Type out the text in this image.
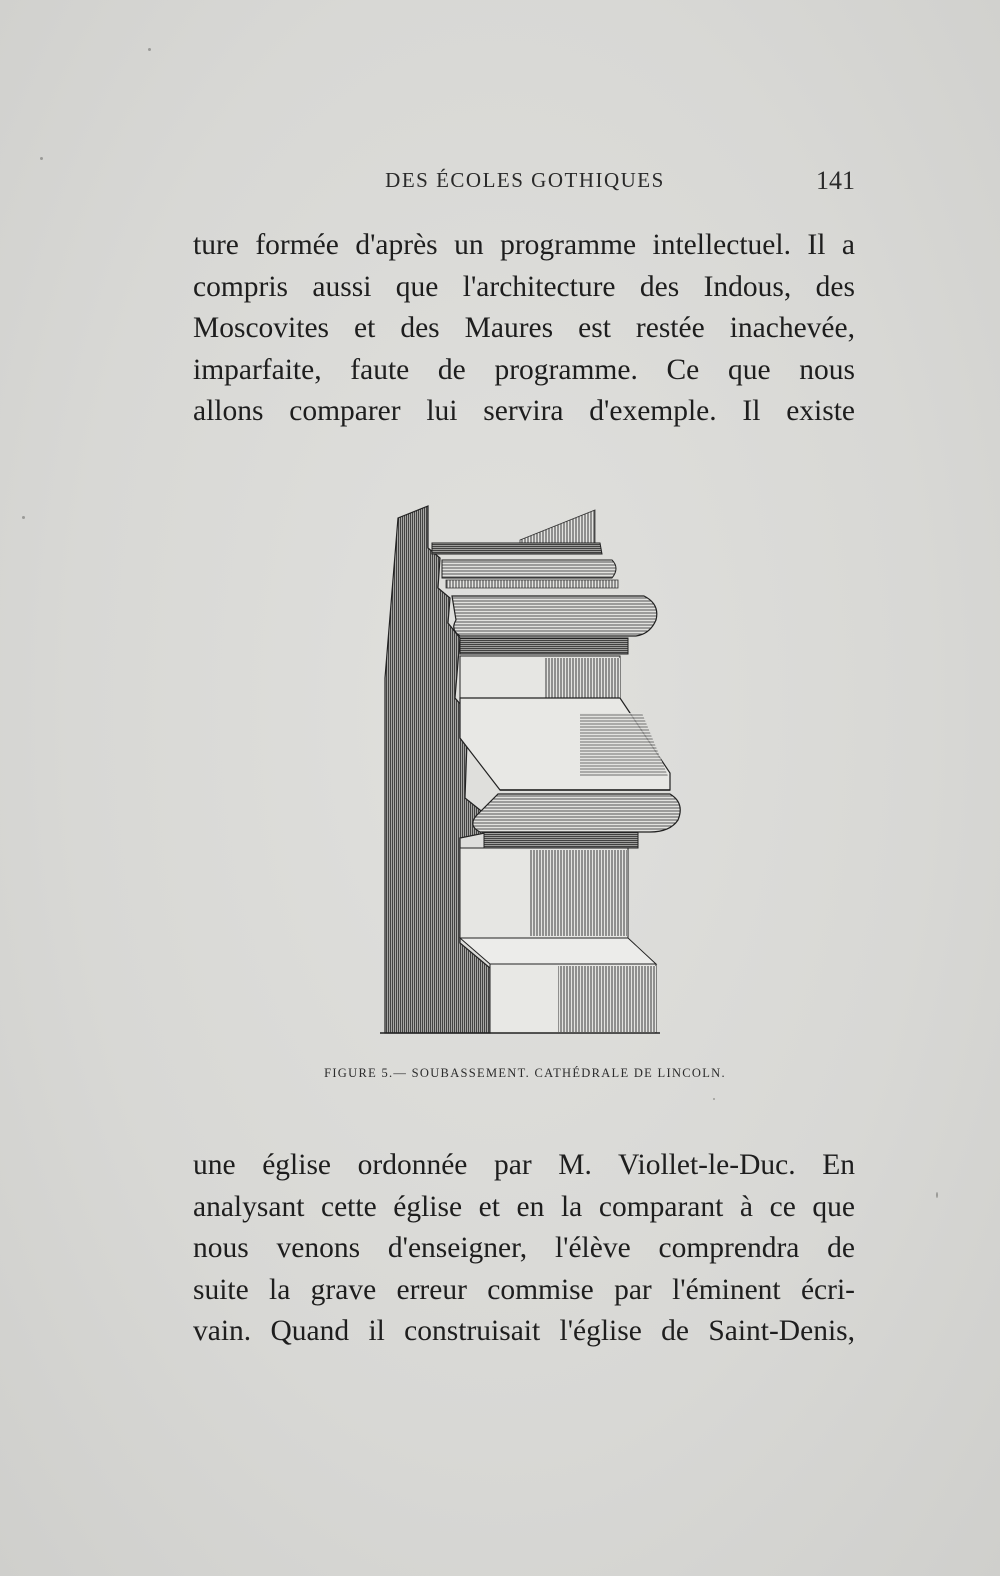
DES ÉCOLES GOTHIQUES	141

ture formée d'après un programme intellectuel. Il a
compris aussi que l'architecture des Indous, des
Moscovites et des Maures est restée inachevée,
imparfaite, faute de programme. Ce que nous
allons comparer lui servira d'exemple. Il existe

FIGURE 5.— SOUBASSEMENT. CATHÉDRALE DE LINCOLN.

une église ordonnée par M. Viollet-le-Duc. En
analysant cette église et en la comparant à ce que
nous venons d'enseigner, l'élève comprendra de
suite la grave erreur commise par l'éminent écri-
vain. Quand il construisait l'église de Saint-Denis,
